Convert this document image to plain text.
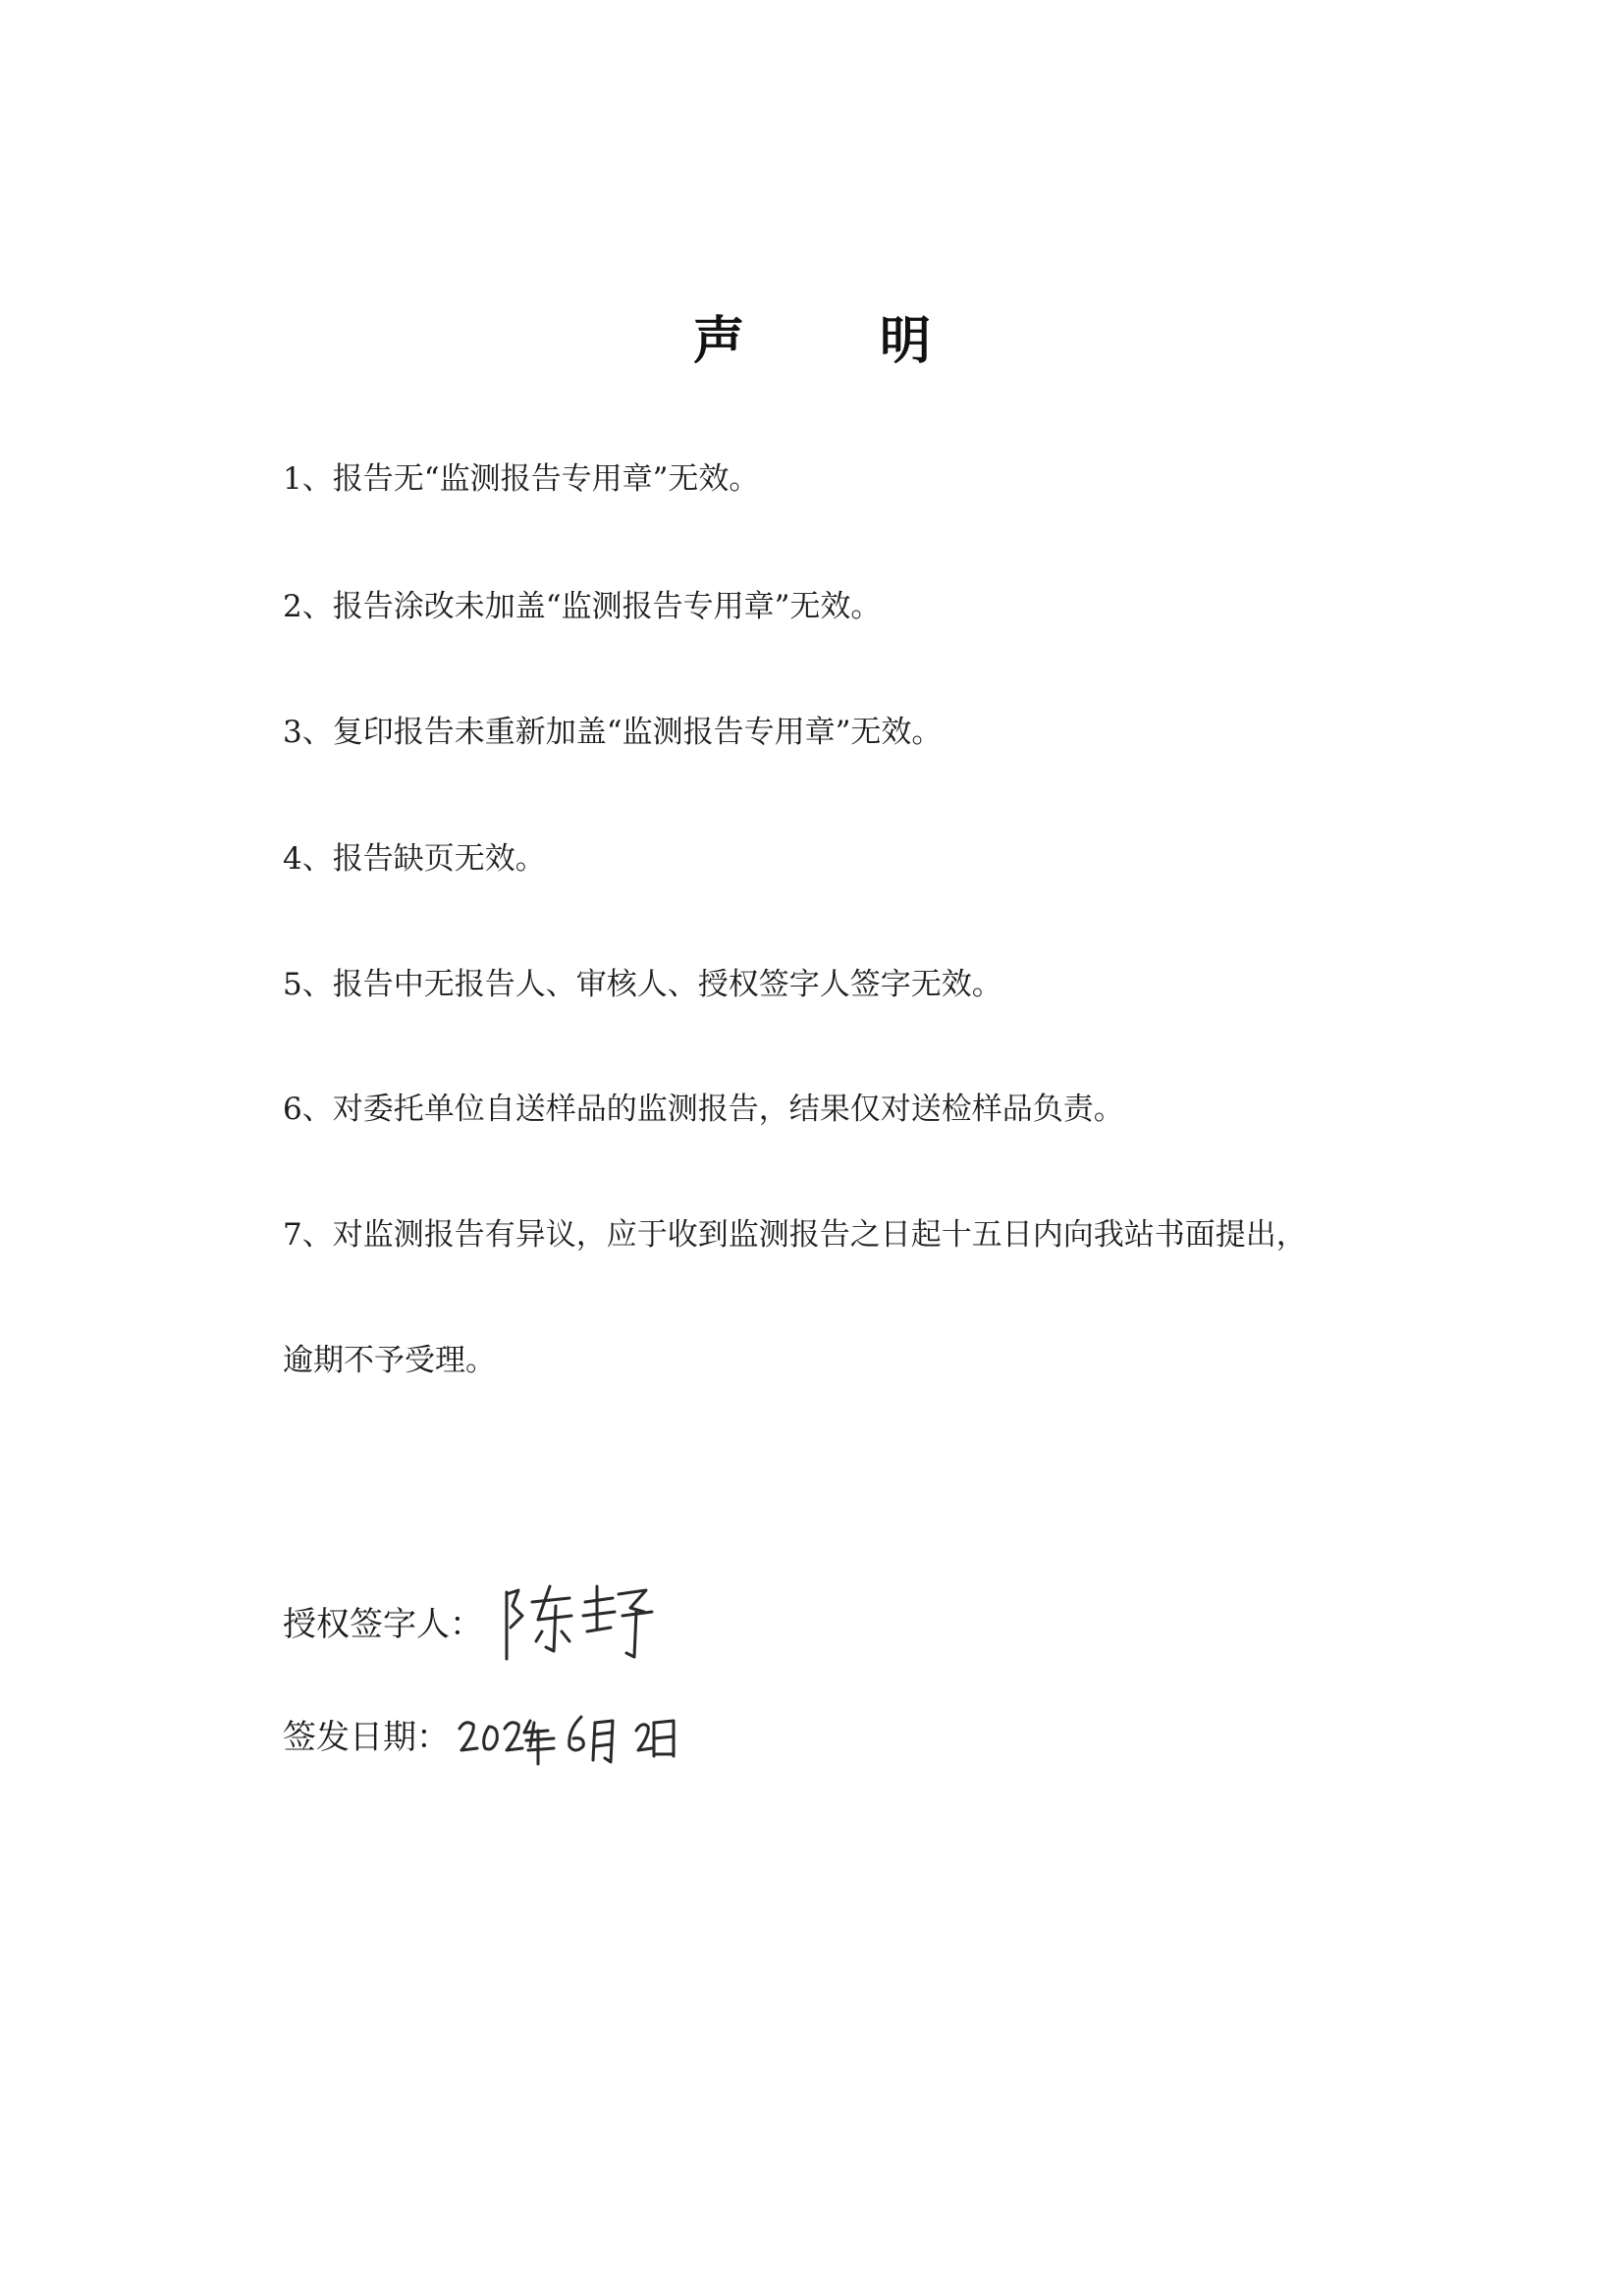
声 明
1、报告无“监测报告专用章”无效。
2、报告涂改未加盖“监测报告专用章”无效。
3、复印报告未重新加盖“监测报告专用章”无效。
4、报告缺页无效。
5、报告中无报告人、审核人、授权签字人签字无效。
6、对委托单位自送样品的监测报告，结果仅对送检样品负责。
7、对监测报告有异议，应于收到监测报告之日起十五日内向我站书面提出，
逾期不予受理。
授权签字人：
签发日期：
